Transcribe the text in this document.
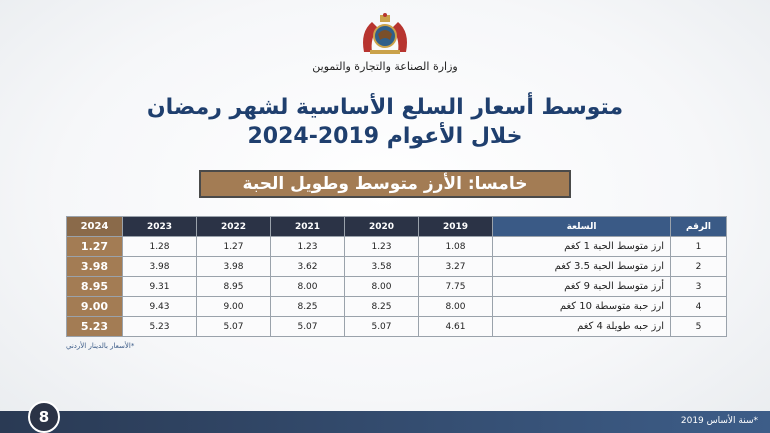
وزارة الصناعة والتجارة والتموين
متوسط أسعار السلع الأساسية لشهر رمضان
خلال الأعوام 2019-2024
خامسا: الأرز متوسط وطويل الحبة
الرقم	السلعة	2019	2020	2021	2022	2023	2024
1	ارز متوسط الحبة 1 كغم	1.08	1.23	1.23	1.27	1.28	1.27
2	ارز متوسط الحبة 3.5 كغم	3.27	3.58	3.62	3.98	3.98	3.98
3	أرز متوسط الحبة 9 كغم	7.75	8.00	8.00	8.95	9.31	8.95
4	ارز حبة متوسطة 10 كغم	8.00	8.25	8.25	9.00	9.43	9.00
5	ارز حبه طويلة 4 كغم	4.61	5.07	5.07	5.07	5.23	5.23
*الأسعار بالدينار الأردني
*سنة الأساس 2019
8
